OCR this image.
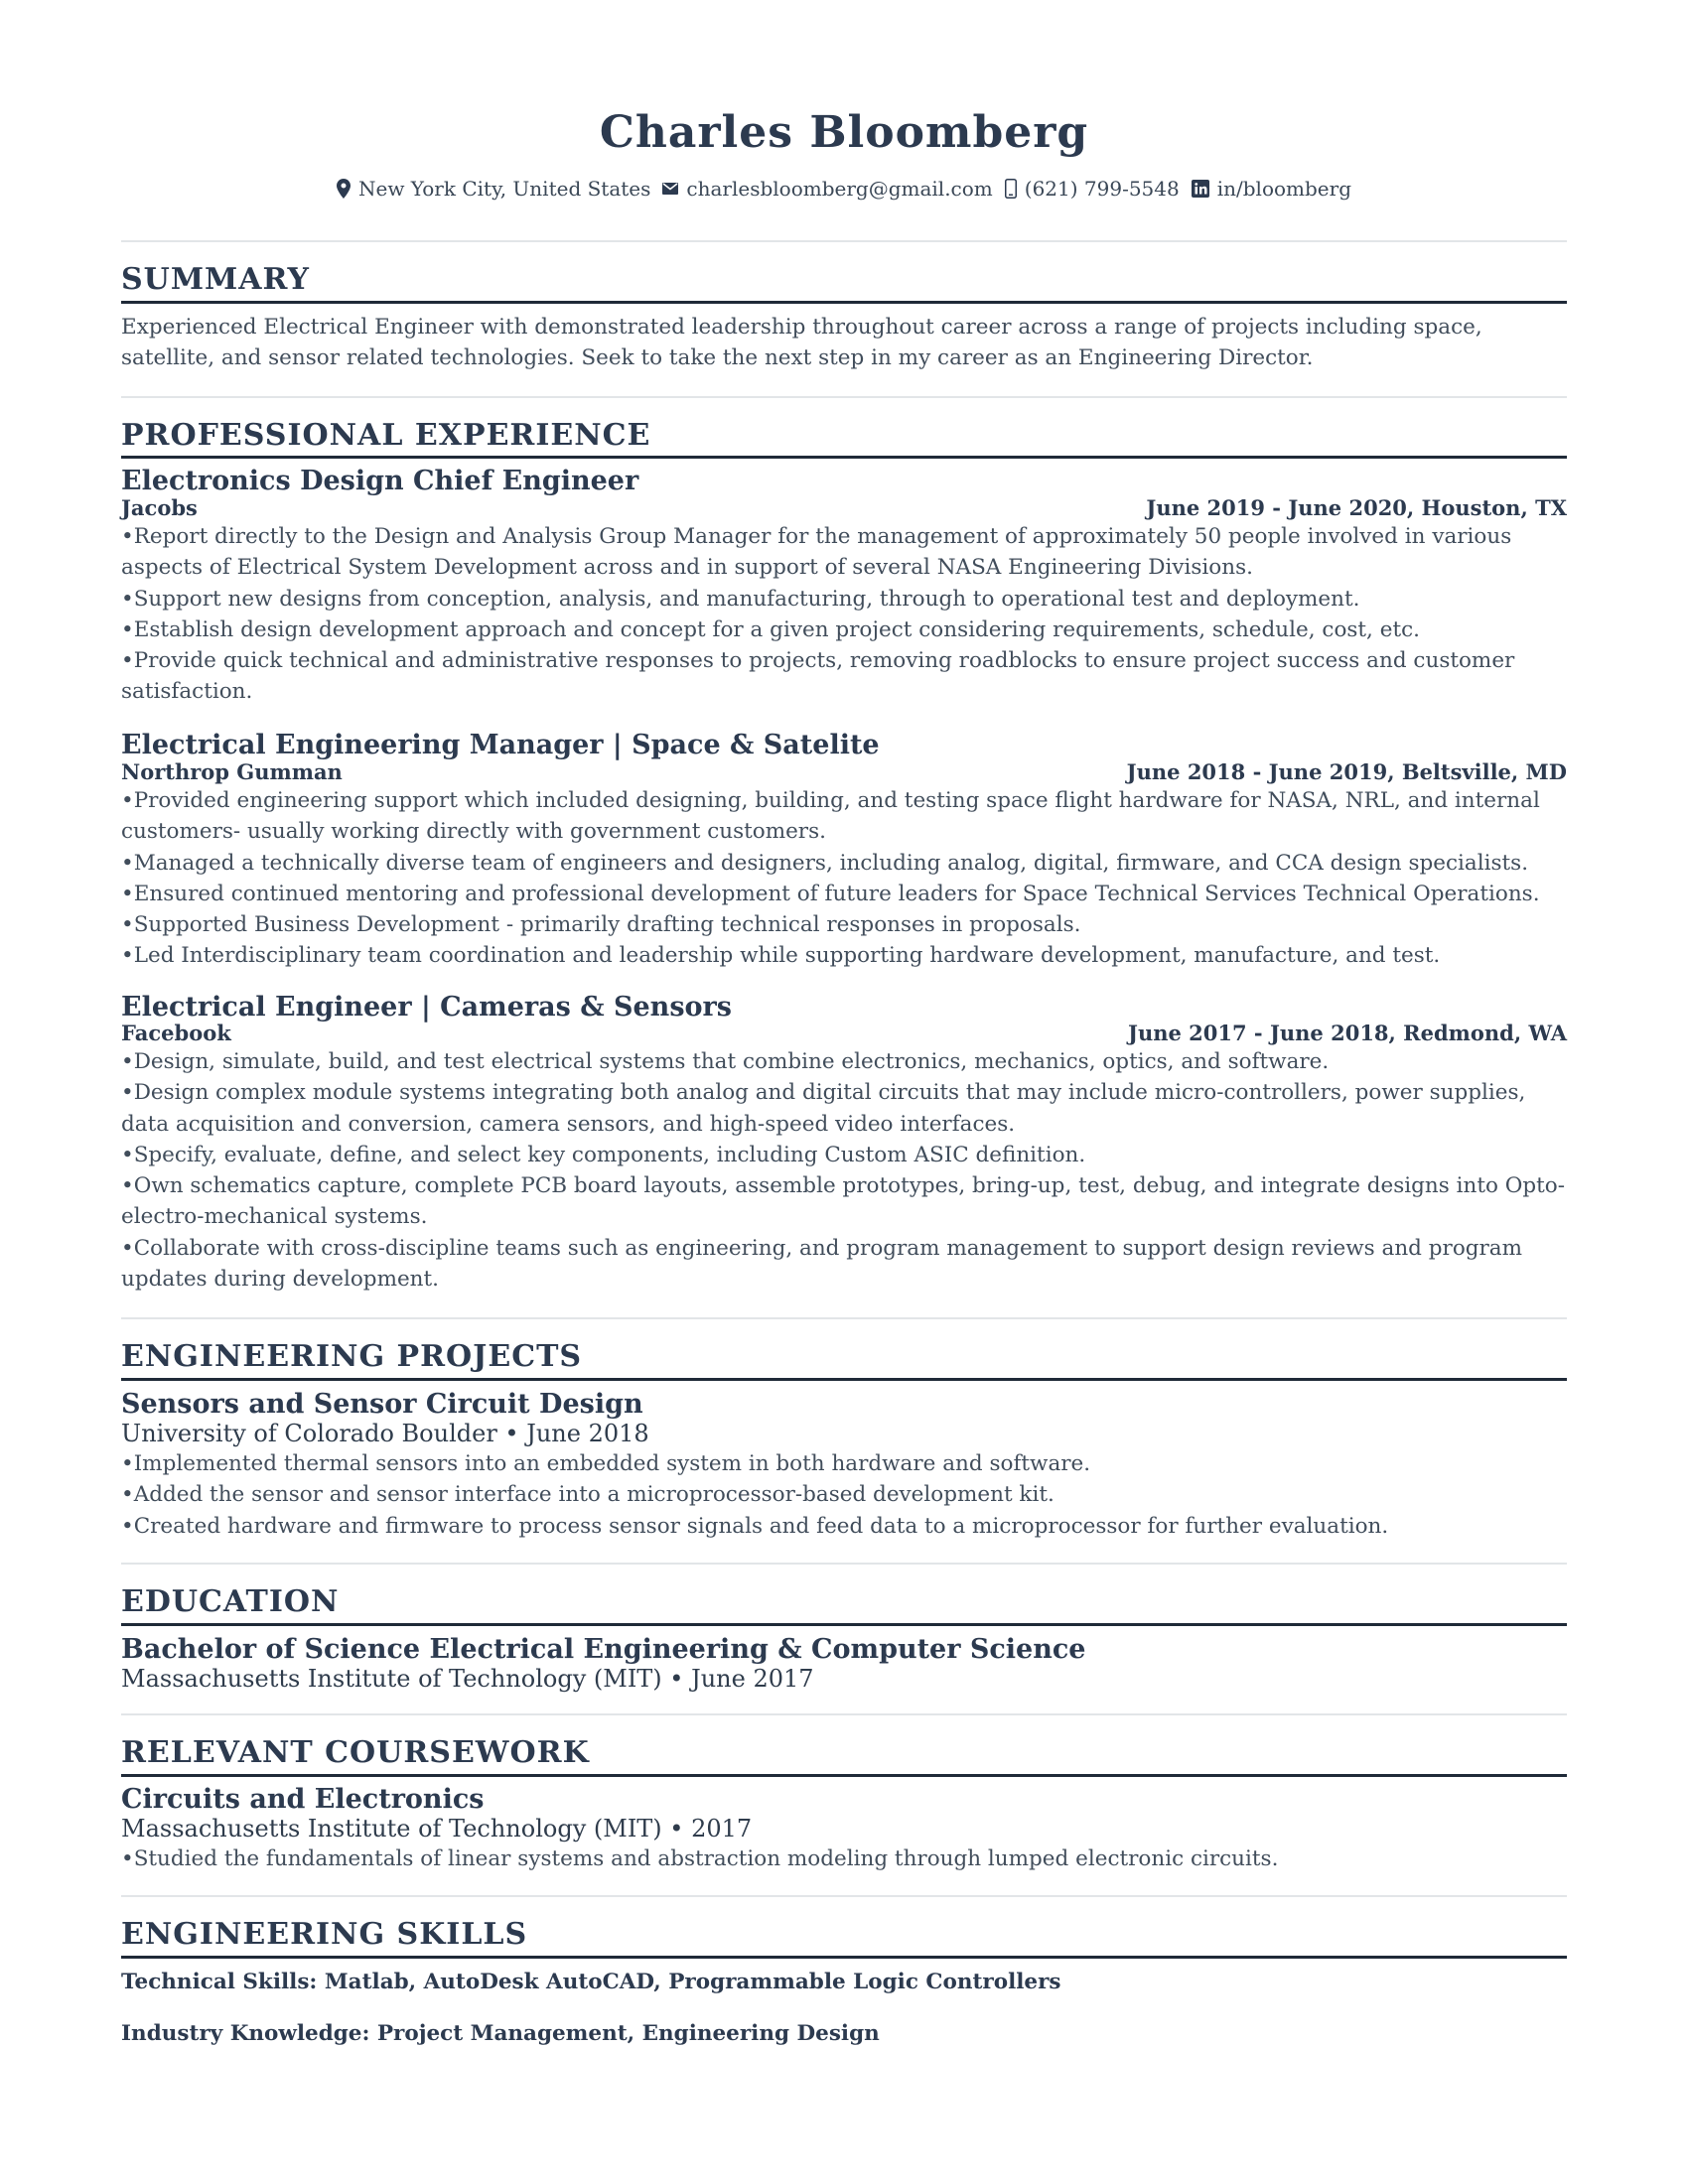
Charles Bloomberg
New York City, United States charlesbloomberg@gmail.com (621) 799-5548 in/bloomberg
SUMMARY
Experienced Electrical Engineer with demonstrated leadership throughout career across a range of projects including space, satellite, and sensor related technologies. Seek to take the next step in my career as an Engineering Director.
PROFESSIONAL EXPERIENCE
Electronics Design Chief Engineer
Jacobs	June 2019 - June 2020, Houston, TX
• Report directly to the Design and Analysis Group Manager for the management of approximately 50 people involved in various aspects of Electrical System Development across and in support of several NASA Engineering Divisions.
• Support new designs from conception, analysis, and manufacturing, through to operational test and deployment.
• Establish design development approach and concept for a given project considering requirements, schedule, cost, etc.
• Provide quick technical and administrative responses to projects, removing roadblocks to ensure project success and customer satisfaction.
Electrical Engineering Manager | Space & Satelite
Northrop Gumman	June 2018 - June 2019, Beltsville, MD
• Provided engineering support which included designing, building, and testing space flight hardware for NASA, NRL, and internal customers- usually working directly with government customers.
• Managed a technically diverse team of engineers and designers, including analog, digital, firmware, and CCA design specialists.
• Ensured continued mentoring and professional development of future leaders for Space Technical Services Technical Operations.
• Supported Business Development - primarily drafting technical responses in proposals.
• Led Interdisciplinary team coordination and leadership while supporting hardware development, manufacture, and test.
Electrical Engineer | Cameras & Sensors
Facebook	June 2017 - June 2018, Redmond, WA
• Design, simulate, build, and test electrical systems that combine electronics, mechanics, optics, and software.
• Design complex module systems integrating both analog and digital circuits that may include micro-controllers, power supplies, data acquisition and conversion, camera sensors, and high-speed video interfaces.
• Specify, evaluate, define, and select key components, including Custom ASIC definition.
• Own schematics capture, complete PCB board layouts, assemble prototypes, bring-up, test, debug, and integrate designs into Opto-electro-mechanical systems.
• Collaborate with cross-discipline teams such as engineering, and program management to support design reviews and program updates during development.
ENGINEERING PROJECTS
Sensors and Sensor Circuit Design
University of Colorado Boulder • June 2018
• Implemented thermal sensors into an embedded system in both hardware and software.
• Added the sensor and sensor interface into a microprocessor-based development kit.
• Created hardware and firmware to process sensor signals and feed data to a microprocessor for further evaluation.
EDUCATION
Bachelor of Science Electrical Engineering & Computer Science
Massachusetts Institute of Technology (MIT) • June 2017
RELEVANT COURSEWORK
Circuits and Electronics
Massachusetts Institute of Technology (MIT) • 2017
• Studied the fundamentals of linear systems and abstraction modeling through lumped electronic circuits.
ENGINEERING SKILLS
Technical Skills: Matlab, AutoDesk AutoCAD, Programmable Logic Controllers
Industry Knowledge: Project Management, Engineering Design
